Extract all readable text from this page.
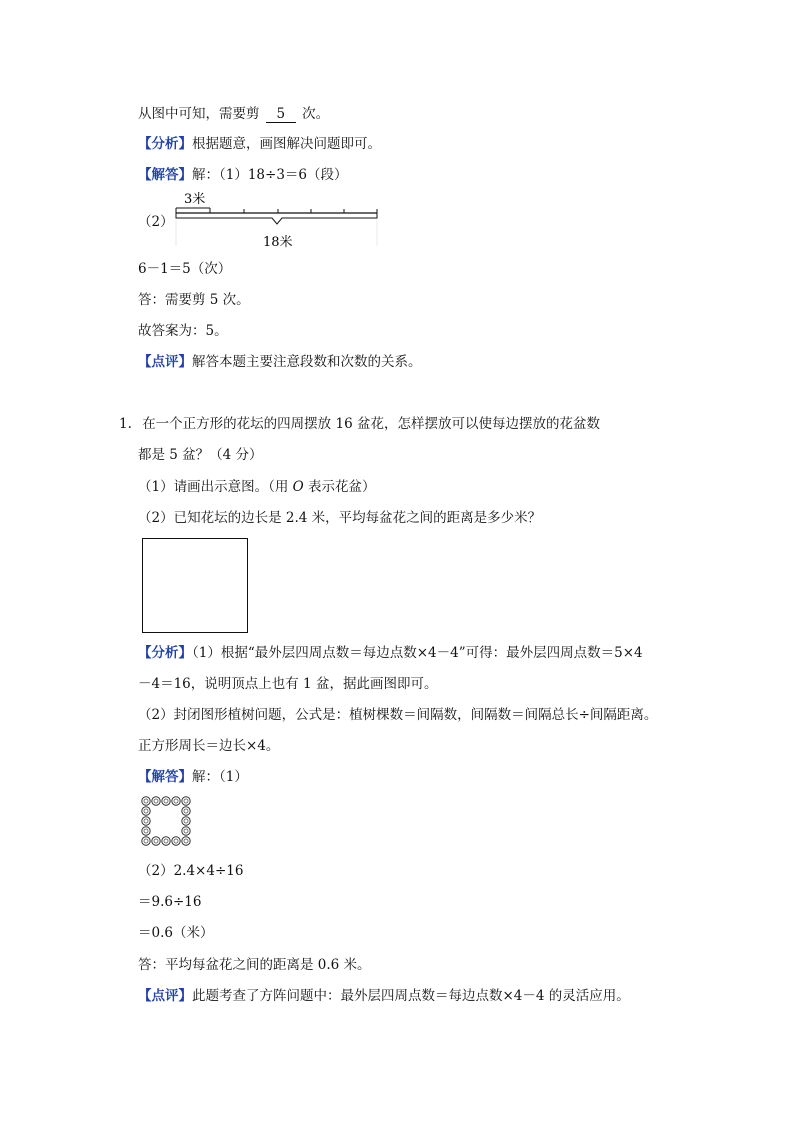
从图中可知，需要剪 5 次。
【分析】根据题意，画图解决问题即可。
【解答】解：（1）18÷3＝6（段）
（2）
3米
18米
6－1＝5（次）
答：需要剪 5 次。
故答案为：5。
【点评】解答本题主要注意段数和次数的关系。
1. 在一个正方形的花坛的四周摆放 16 盆花，怎样摆放可以使每边摆放的花盆数
都是 5 盆？（4 分）
（1）请画出示意图。（用 O 表示花盆）
（2）已知花坛的边长是 2.4 米，平均每盆花之间的距离是多少米？
【分析】（1）根据“最外层四周点数＝每边点数×4－4”可得：最外层四周点数＝5×4
－4＝16，说明顶点上也有 1 盆，据此画图即可。
（2）封闭图形植树问题，公式是：植树棵数＝间隔数，间隔数＝间隔总长÷间隔距离。
正方形周长＝边长×4。
【解答】解：（1）
（2）2.4×4÷16
＝9.6÷16
＝0.6（米）
答：平均每盆花之间的距离是 0.6 米。
【点评】此题考查了方阵问题中：最外层四周点数＝每边点数×4－4 的灵活应用。
